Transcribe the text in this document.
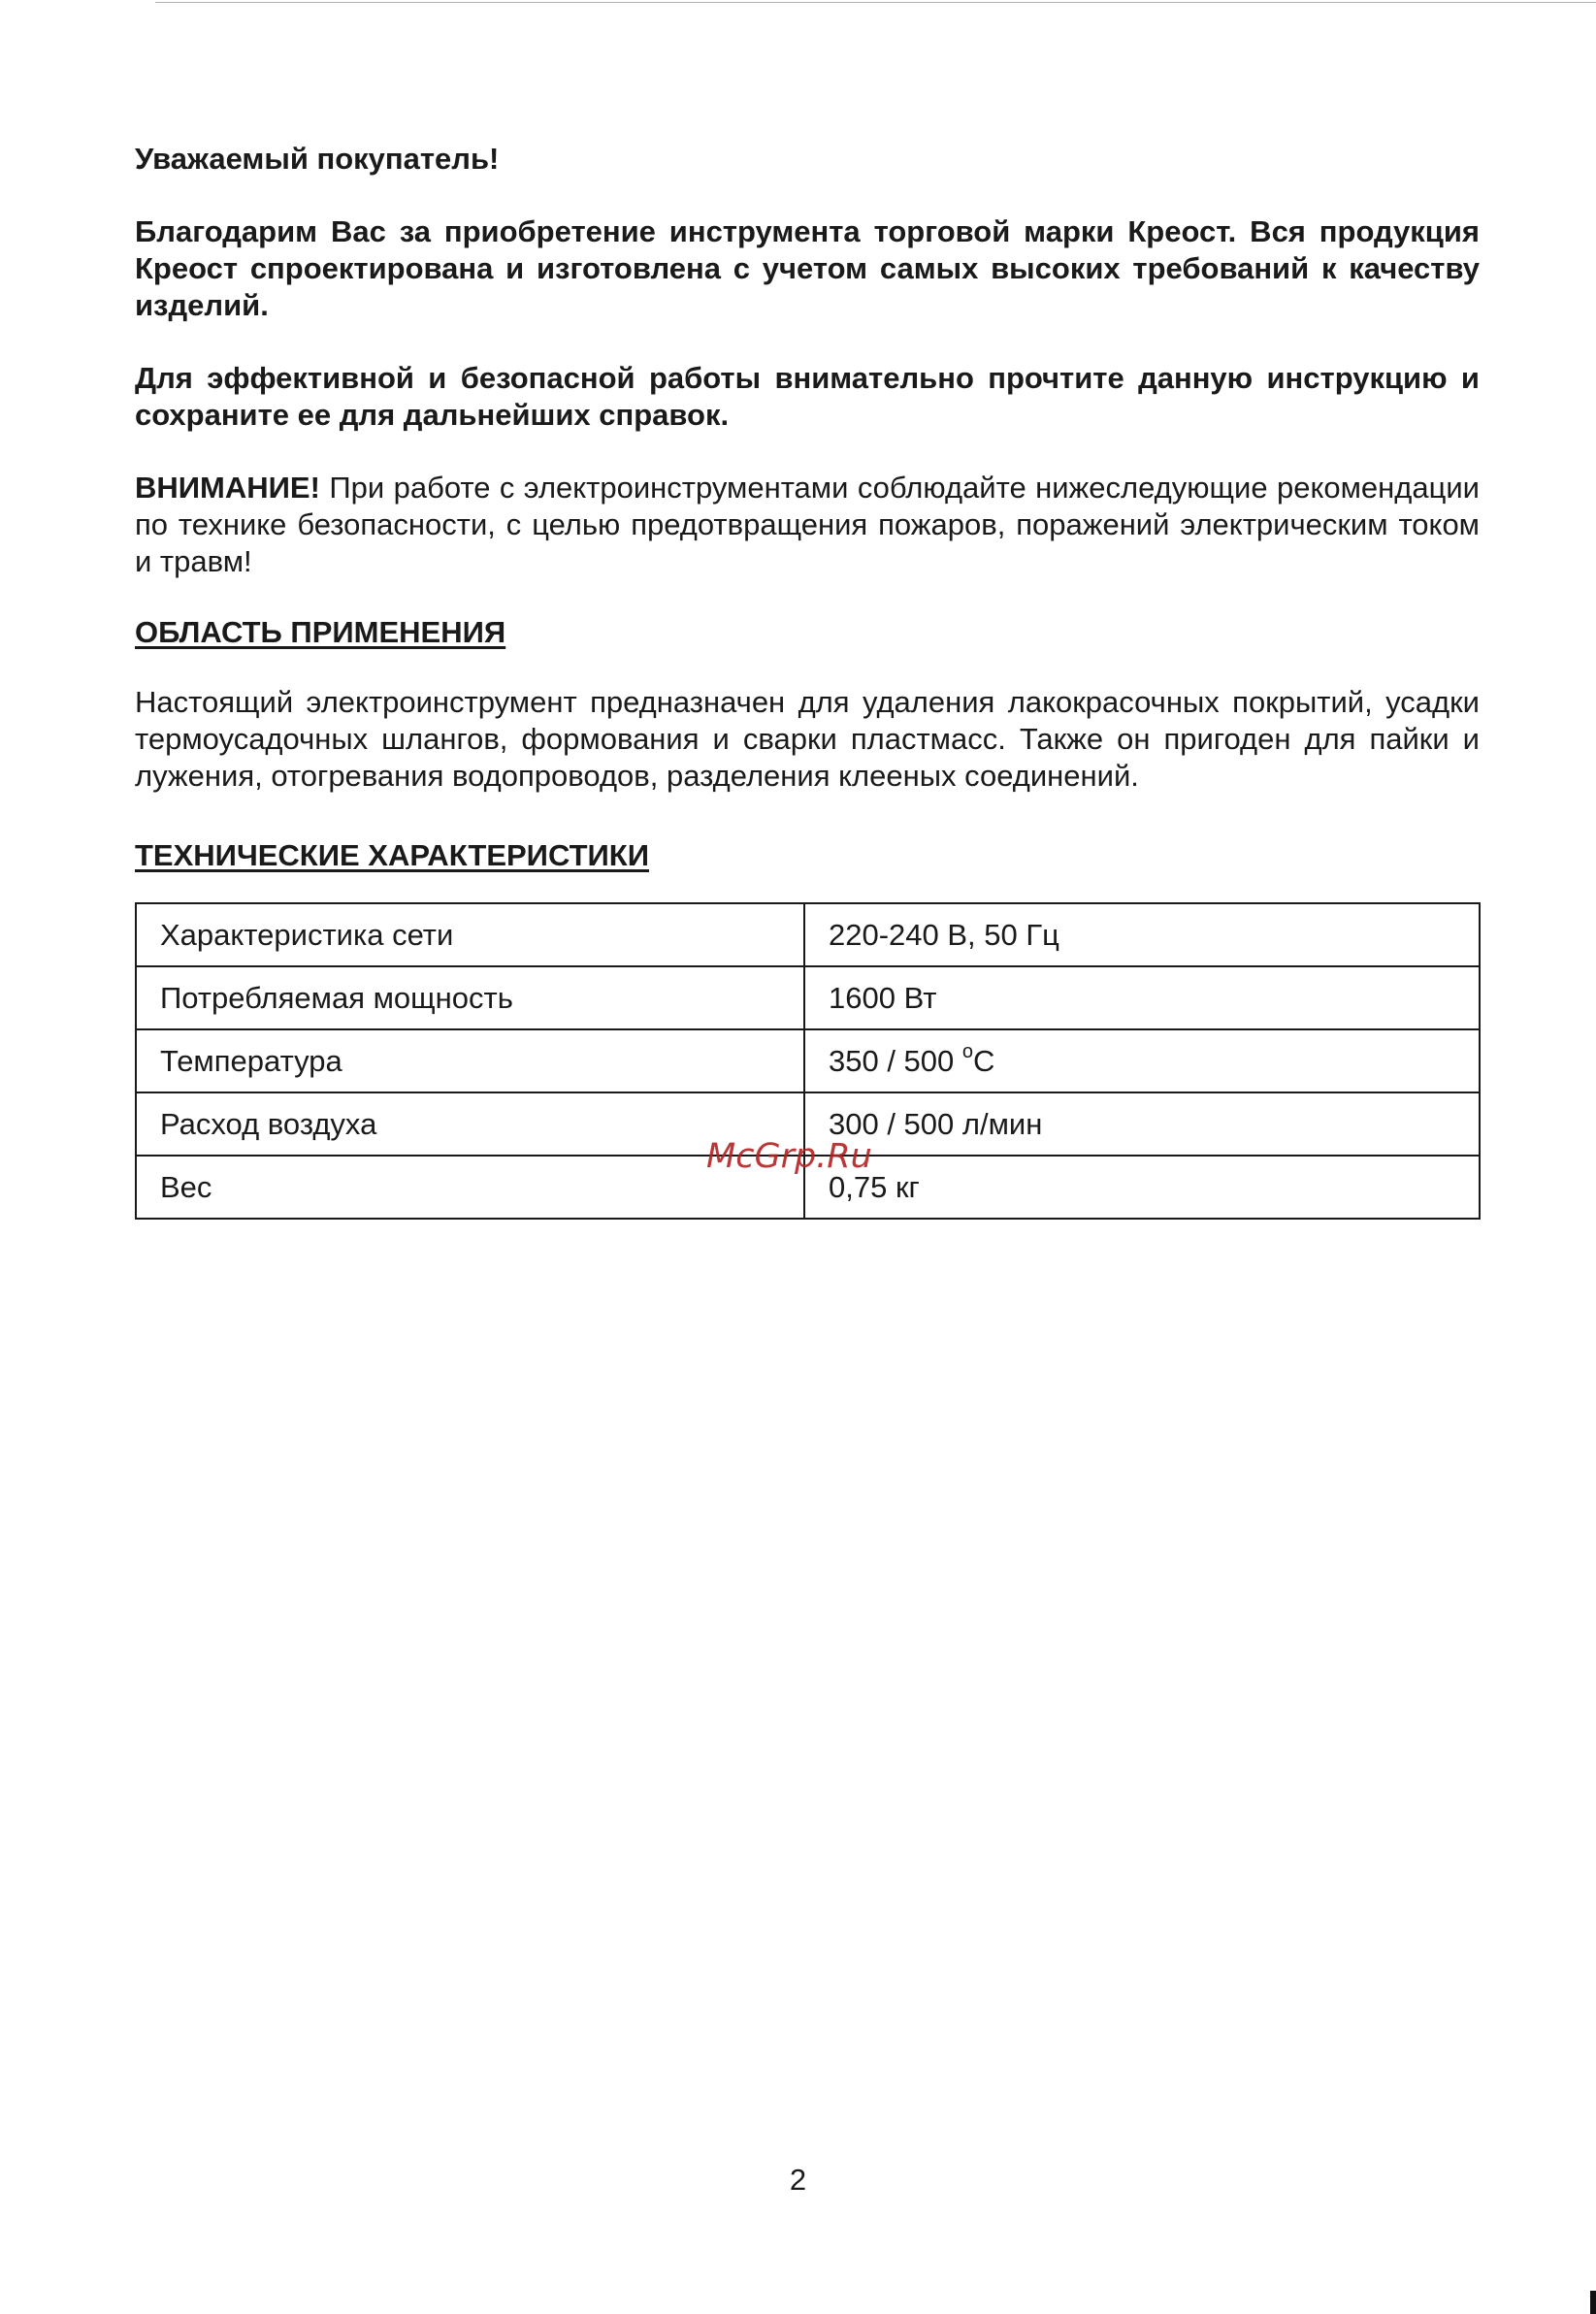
Уважаемый покупатель!

Благодарим Вас за приобретение инструмента торговой марки Креост. Вся продукция Креост спроектирована и изготовлена с учетом самых высоких требований к качеству изделий.

Для эффективной и безопасной работы внимательно прочтите данную инструкцию и сохраните ее для дальнейших справок.

ВНИМАНИЕ! При работе с электроинструментами соблюдайте нижеследующие рекомендации по технике безопасности, с целью предотвращения пожаров, поражений электрическим током и травм!

ОБЛАСТЬ ПРИМЕНЕНИЯ

Настоящий электроинструмент предназначен для удаления лакокрасочных покрытий, усадки термоусадочных шлангов, формования и сварки пластмасс. Также он пригоден для пайки и лужения, отогревания водопроводов, разделения клееных соединений.

ТЕХНИЧЕСКИЕ ХАРАКТЕРИСТИКИ

Характеристика сети	220-240 В, 50 Гц
Потребляемая мощность	1600 Вт
Температура	350 / 500 $^о$С
Расход воздуха	300 / 500 л/мин
Вес	0,75 кг
McGrp.Ru
2
